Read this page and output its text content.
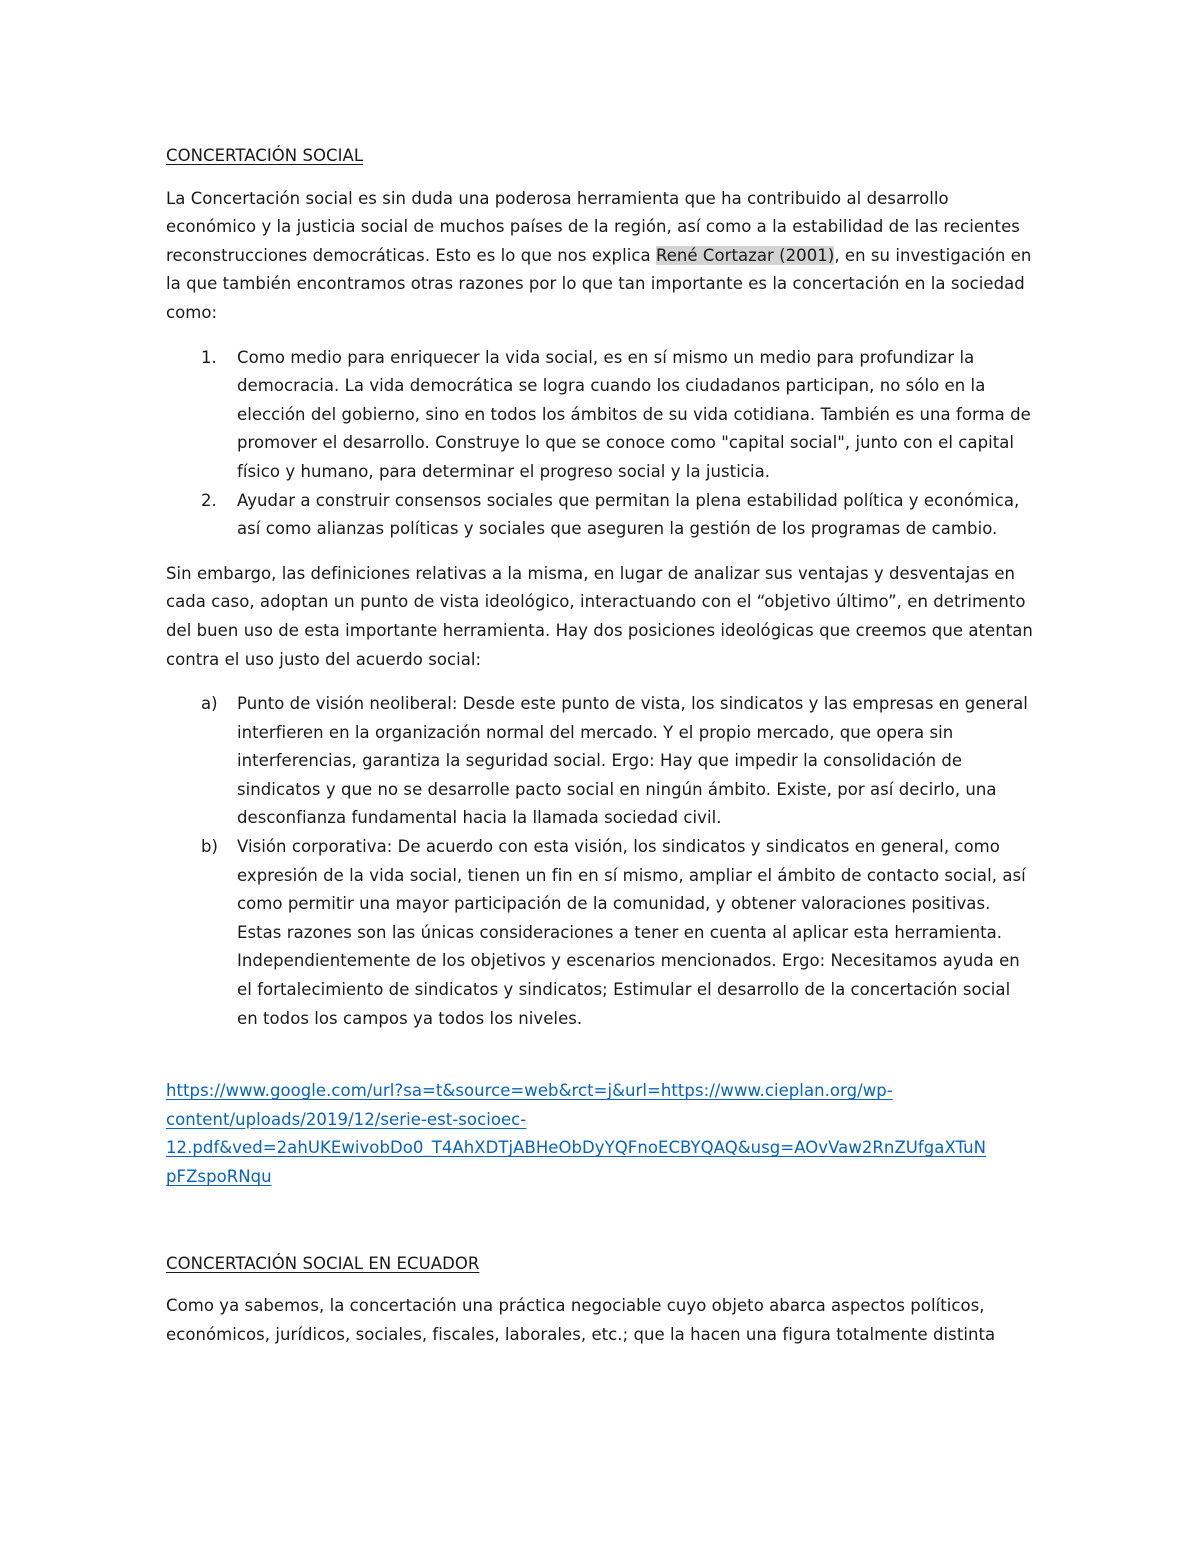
CONCERTACIÓN SOCIAL

La Concertación social es sin duda una poderosa herramienta que ha contribuido al desarrollo económico y la justicia social de muchos países de la región, así como a la estabilidad de las recientes reconstrucciones democráticas. Esto es lo que nos explica René Cortazar (2001), en su investigación en la que también encontramos otras razones por lo que tan importante es la concertación en la sociedad como:

1. Como medio para enriquecer la vida social, es en sí mismo un medio para profundizar la democracia. La vida democrática se logra cuando los ciudadanos participan, no sólo en la elección del gobierno, sino en todos los ámbitos de su vida cotidiana. También es una forma de promover el desarrollo. Construye lo que se conoce como "capital social", junto con el capital físico y humano, para determinar el progreso social y la justicia.
2. Ayudar a construir consensos sociales que permitan la plena estabilidad política y económica, así como alianzas políticas y sociales que aseguren la gestión de los programas de cambio.

Sin embargo, las definiciones relativas a la misma, en lugar de analizar sus ventajas y desventajas en cada caso, adoptan un punto de vista ideológico, interactuando con el “objetivo último”, en detrimento del buen uso de esta importante herramienta. Hay dos posiciones ideológicas que creemos que atentan contra el uso justo del acuerdo social:

a) Punto de visión neoliberal: Desde este punto de vista, los sindicatos y las empresas en general interfieren en la organización normal del mercado. Y el propio mercado, que opera sin interferencias, garantiza la seguridad social. Ergo: Hay que impedir la consolidación de sindicatos y que no se desarrolle pacto social en ningún ámbito. Existe, por así decirlo, una desconfianza fundamental hacia la llamada sociedad civil.
b) Visión corporativa: De acuerdo con esta visión, los sindicatos y sindicatos en general, como expresión de la vida social, tienen un fin en sí mismo, ampliar el ámbito de contacto social, así como permitir una mayor participación de la comunidad, y obtener valoraciones positivas. Estas razones son las únicas consideraciones a tener en cuenta al aplicar esta herramienta. Independientemente de los objetivos y escenarios mencionados. Ergo: Necesitamos ayuda en el fortalecimiento de sindicatos y sindicatos; Estimular el desarrollo de la concertación social en todos los campos ya todos los niveles.
https://www.google.com/url?sa=t&source=web&rct=j&url=https://www.cieplan.org/wp-
content/uploads/2019/12/serie-est-socioec-
12.pdf&ved=2ahUKEwivobDo0_T4AhXDTjABHeObDyYQFnoECBYQAQ&usg=AOvVaw2RnZUfgaXTuN
pFZspoRNqu
CONCERTACIÓN SOCIAL EN ECUADOR

Como ya sabemos, la concertación una práctica negociable cuyo objeto abarca aspectos políticos, económicos, jurídicos, sociales, fiscales, laborales, etc.; que la hacen una figura totalmente distinta
